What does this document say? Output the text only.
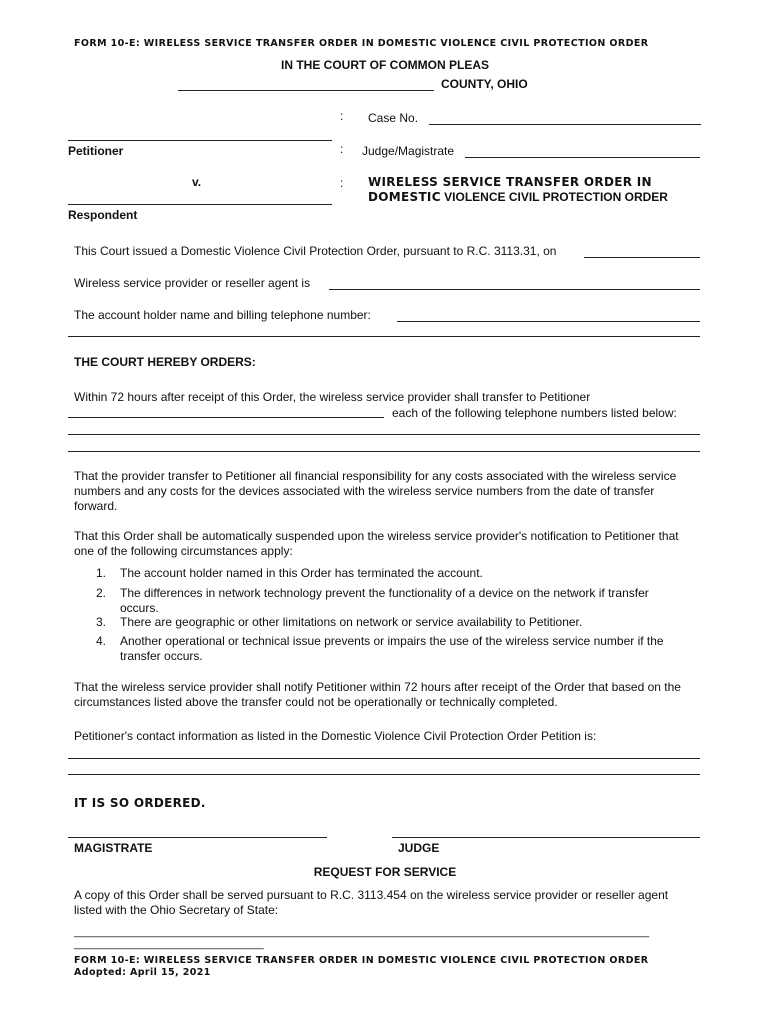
FORM 10-E: WIRELESS SERVICE TRANSFER ORDER IN DOMESTIC VIOLENCE CIVIL PROTECTION ORDER
IN THE COURT OF COMMON PLEAS
COUNTY, OHIO
:
:
:
Case No.
Petitioner	Judge/Magistrate
v.	WIRELESS SERVICE TRANSFER ORDER IN
DOMESTIC VIOLENCE CIVIL PROTECTION ORDER
Respondent
This Court issued a Domestic Violence Civil Protection Order, pursuant to R.C. 3113.31, on
Wireless service provider or reseller agent is
The account holder name and billing telephone number:
THE COURT HEREBY ORDERS:
Within 72 hours after receipt of this Order, the wireless service provider shall transfer to Petitioner
each of the following telephone numbers listed below:
That the provider transfer to Petitioner all financial responsibility for any costs associated with the wireless service numbers and any costs for the devices associated with the wireless service numbers from the date of transfer forward.
That this Order shall be automatically suspended upon the wireless service provider's notification to Petitioner that one of the following circumstances apply:
1.	The account holder named in this Order has terminated the account.
2.	The differences in network technology prevent the functionality of a device on the network if transfer occurs.
3.	There are geographic or other limitations on network or service availability to Petitioner.
4.	Another operational or technical issue prevents or impairs the use of the wireless service number if the transfer occurs.
That the wireless service provider shall notify Petitioner within 72 hours after receipt of the Order that based on the circumstances listed above the transfer could not be operationally or technically completed.
Petitioner's contact information as listed in the Domestic Violence Civil Protection Order Petition is:
IT IS SO ORDERED.
MAGISTRATE	JUDGE
REQUEST FOR SERVICE
A copy of this Order shall be served pursuant to R.C. 3113.454 on the wireless service provider or reseller agent listed with the Ohio Secretary of State:
______________________________________________________________________________________________
_______________________________
FORM 10-E: WIRELESS SERVICE TRANSFER ORDER IN DOMESTIC VIOLENCE CIVIL PROTECTION ORDER
Adopted: April 15, 2021
